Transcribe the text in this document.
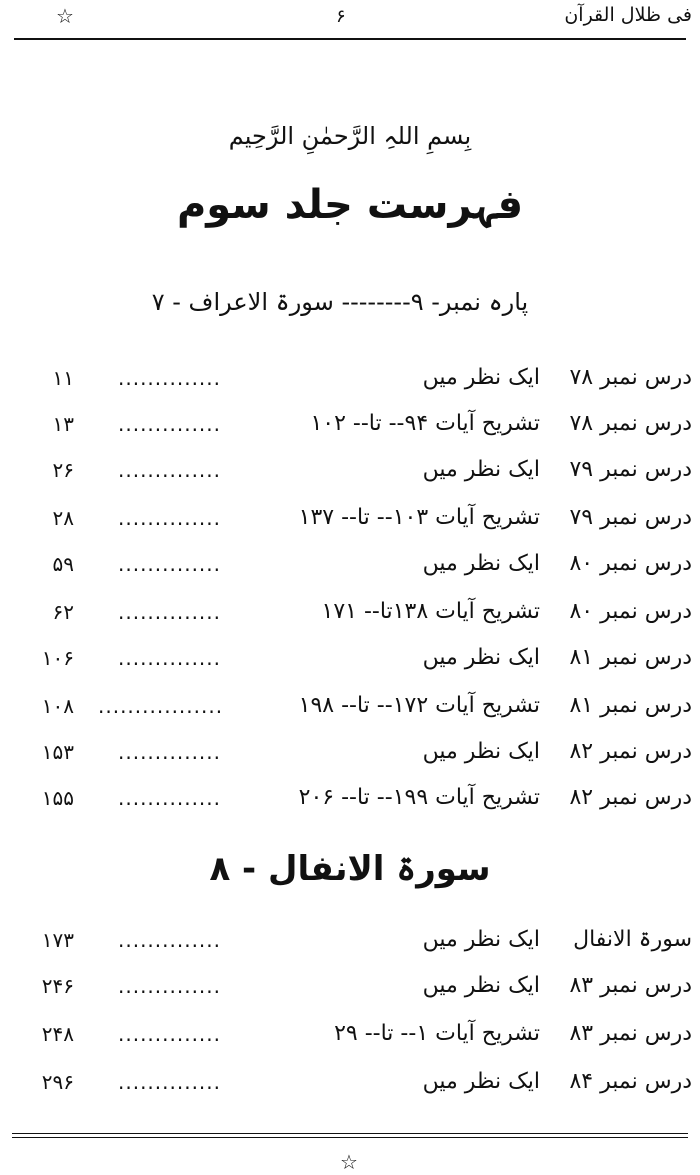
فی ظلال القرآن
۶
☆
بِسمِ اللہِ الرَّحمٰنِ الرَّحِیم
فہرست جلد سوم
پارہ نمبر- ۹-------- سورۃ الاعراف - ۷
درس نمبر ۷۸
ایک نظر میں
..............
۱۱
درس نمبر ۷۸
تشریح آیات ۹۴-- تا-- ۱۰۲
..............
۱۳
درس نمبر ۷۹
ایک نظر میں
..............
۲۶
درس نمبر ۷۹
تشریح آیات ۱۰۳-- تا-- ۱۳۷
..............
۲۸
درس نمبر ۸۰
ایک نظر میں
..............
۵۹
درس نمبر ۸۰
تشریح آیات ۱۳۸تا-- ۱۷۱
..............
۶۲
درس نمبر ۸۱
ایک نظر میں
..............
۱۰۶
درس نمبر ۸۱
تشریح آیات ۱۷۲-- تا-- ۱۹۸
.................
۱۰۸
درس نمبر ۸۲
ایک نظر میں
..............
۱۵۳
درس نمبر ۸۲
تشریح آیات ۱۹۹-- تا-- ۲۰۶
..............
۱۵۵
سورۃ الانفال - ۸
سورۃ الانفال
ایک نظر میں
..............
۱۷۳
درس نمبر ۸۳
ایک نظر میں
..............
۲۴۶
درس نمبر ۸۳
تشریح آیات ۱-- تا-- ۲۹
..............
۲۴۸
درس نمبر ۸۴
ایک نظر میں
..............
۲۹۶
☆
